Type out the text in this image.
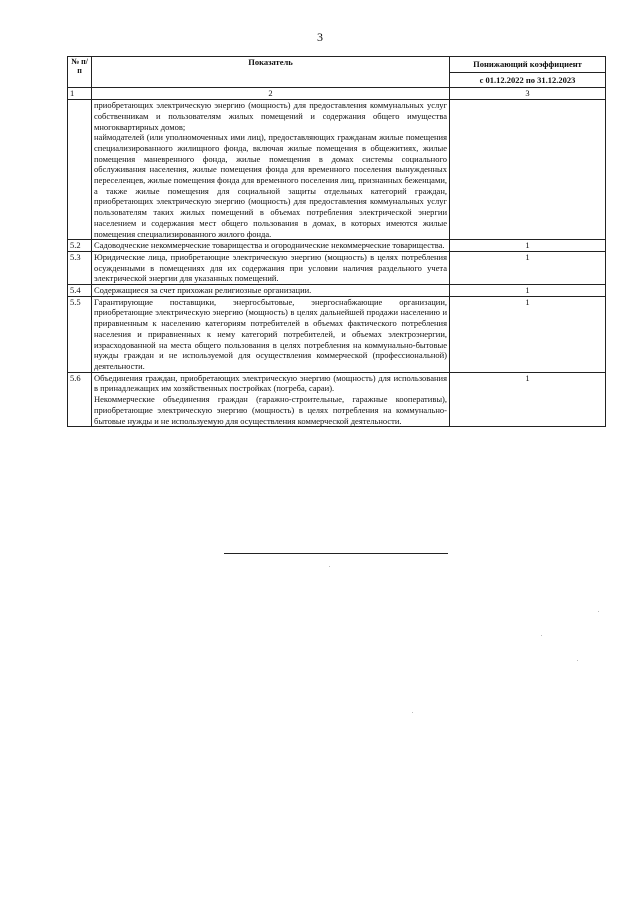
3
№ п/п	Показатель	Понижающий коэффициент
с 01.12.2022 по 31.12.2023

1	2	3

	приобретающих электрическую энергию (мощность) для предоставления коммунальных услуг собственникам и пользователям жилых помещений и содержания общего имущества многоквартирных домов;

наймодателей (или уполномоченных ими лиц), предоставляющих гражданам жилые помещения специализированного жилищного фонда, включая жилые помещения в общежитиях, жилые помещения маневренного фонда, жилые помещения в домах системы социального обслуживания населения, жилые помещения фонда для временного поселения вынужденных переселенцев, жилые помещения фонда для временного поселения лиц, признанных беженцами, а также жилые помещения для социальной защиты отдельных категорий граждан, приобретающих электрическую энергию (мощность) для предоставления коммунальных услуг пользователям таких жилых помещений в объемах потребления электрической энергии населением и содержания мест общего пользования в домах, в которых имеются жилые помещения специализированного жилого фонда.	

5.2	Садоводческие некоммерческие товарищества и огороднические некоммерческие товарищества.	1
5.3	Юридические лица, приобретающие электрическую энергию (мощность) в целях потребления осужденными в помещениях для их содержания при условии наличия раздельного учета электрической энергии для указанных помещений.	1
5.4	Содержащиеся за счет прихожан религиозные организации.	1
5.5	Гарантирующие поставщики, энергосбытовые, энергоснабжающие организации, приобретающие электрическую энергию (мощность) в целях дальнейшей продажи населению и приравненным к населению категориям потребителей в объемах фактического потребления населения и приравненных к нему категорий потребителей, и объемах электроэнергии, израсходованной на места общего пользования в целях потребления на коммунально-бытовые нужды граждан и не используемой для осуществления коммерческой (профессиональной) деятельности.	1
5.6	Объединения граждан, приобретающих электрическую энергию (мощность) для использования в принадлежащих им хозяйственных постройках (погреба, сараи).

Некоммерческие объединения граждан (гаражно-строительные, гаражные кооперативы), приобретающие электрическую энергию (мощность) в целях потребления на коммунально-бытовые нужды и не используемую для осуществления коммерческой деятельности.	1
